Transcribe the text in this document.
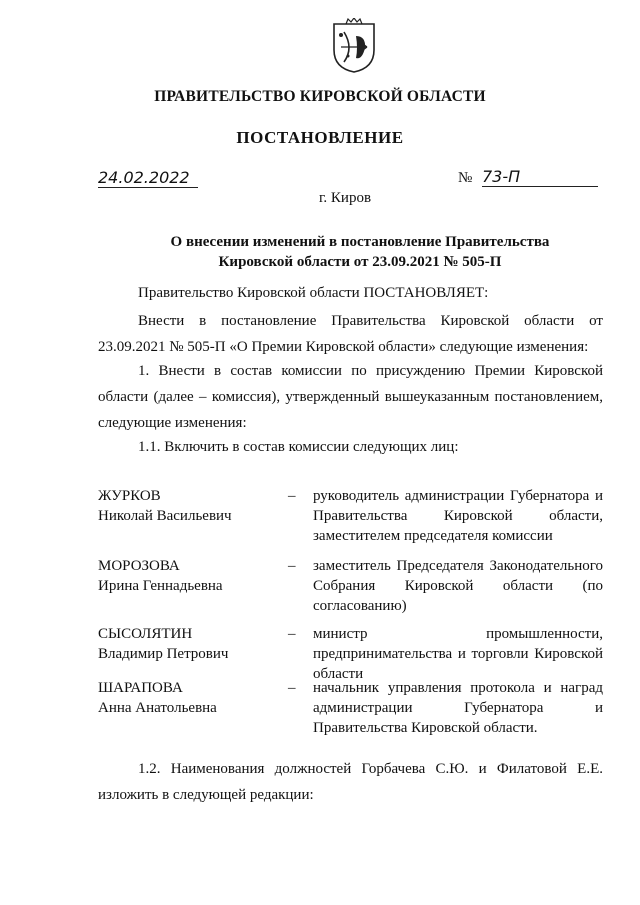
ПРАВИТЕЛЬСТВО КИРОВСКОЙ ОБЛАСТИ
ПОСТАНОВЛЕНИЕ
24.02.2022	№ 73-П
г. Киров
О внесении изменений в постановление Правительства Кировской области от 23.09.2021 № 505-П
Правительство Кировской области ПОСТАНОВЛЯЕТ:
Внести в постановление Правительства Кировской области от 23.09.2021 № 505-П «О Премии Кировской области» следующие изменения:
1. Внести в состав комиссии по присуждению Премии Кировской области (далее – комиссия), утвержденный вышеуказанным постановлением, следующие изменения:
1.1. Включить в состав комиссии следующих лиц:
ЖУРКОВ
Николай Васильевич
–	руководитель администрации Губернатора и Правительства Кировской области, заместителем председателя комиссии
МОРОЗОВА
Ирина Геннадьевна
–	заместитель Председателя Законодательного Собрания Кировской области (по согласованию)
СЫСОЛЯТИН
Владимир Петрович
–	министр промышленности, предпринимательства и торговли Кировской области
ШАРАПОВА
Анна Анатольевна
–	начальник управления протокола и наград администрации Губернатора и Правительства Кировской области.
1.2. Наименования должностей Горбачева С.Ю. и Филатовой Е.Е. изложить в следующей редакции:
